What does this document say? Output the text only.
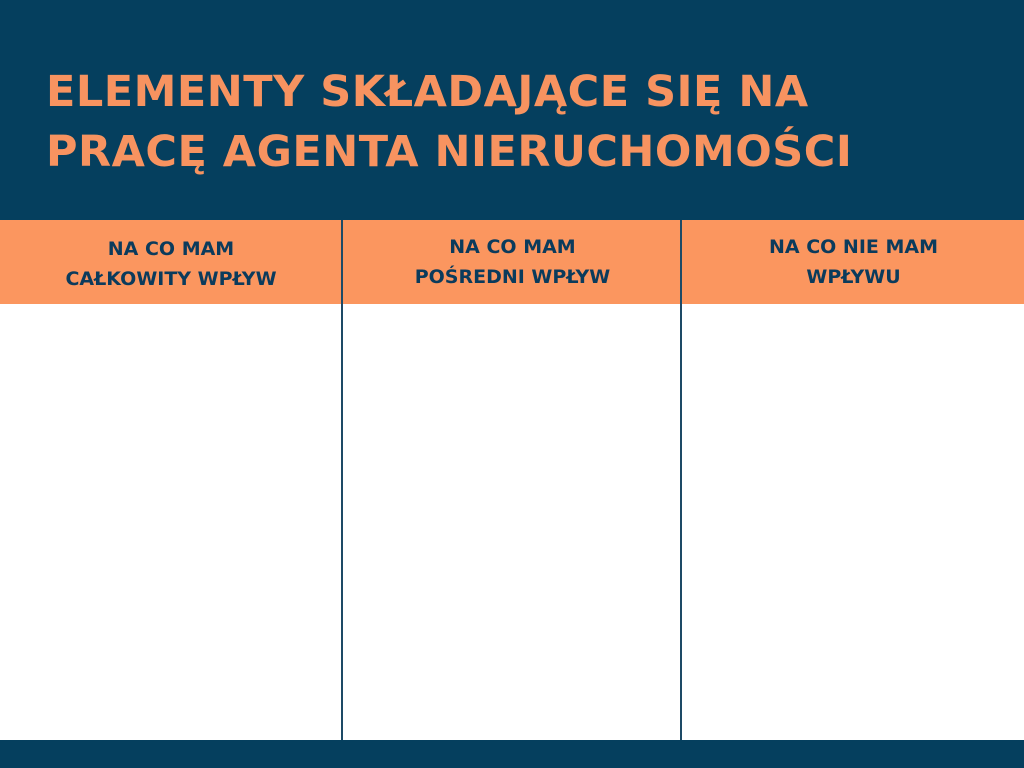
ELEMENTY SKŁADAJĄCE SIĘ NA
PRACĘ AGENTA NIERUCHOMOŚCI
NA CO MAM
CAŁKOWITY WPŁYW
NA CO MAM
POŚREDNI WPŁYW
NA CO NIE MAM
WPŁYWU
